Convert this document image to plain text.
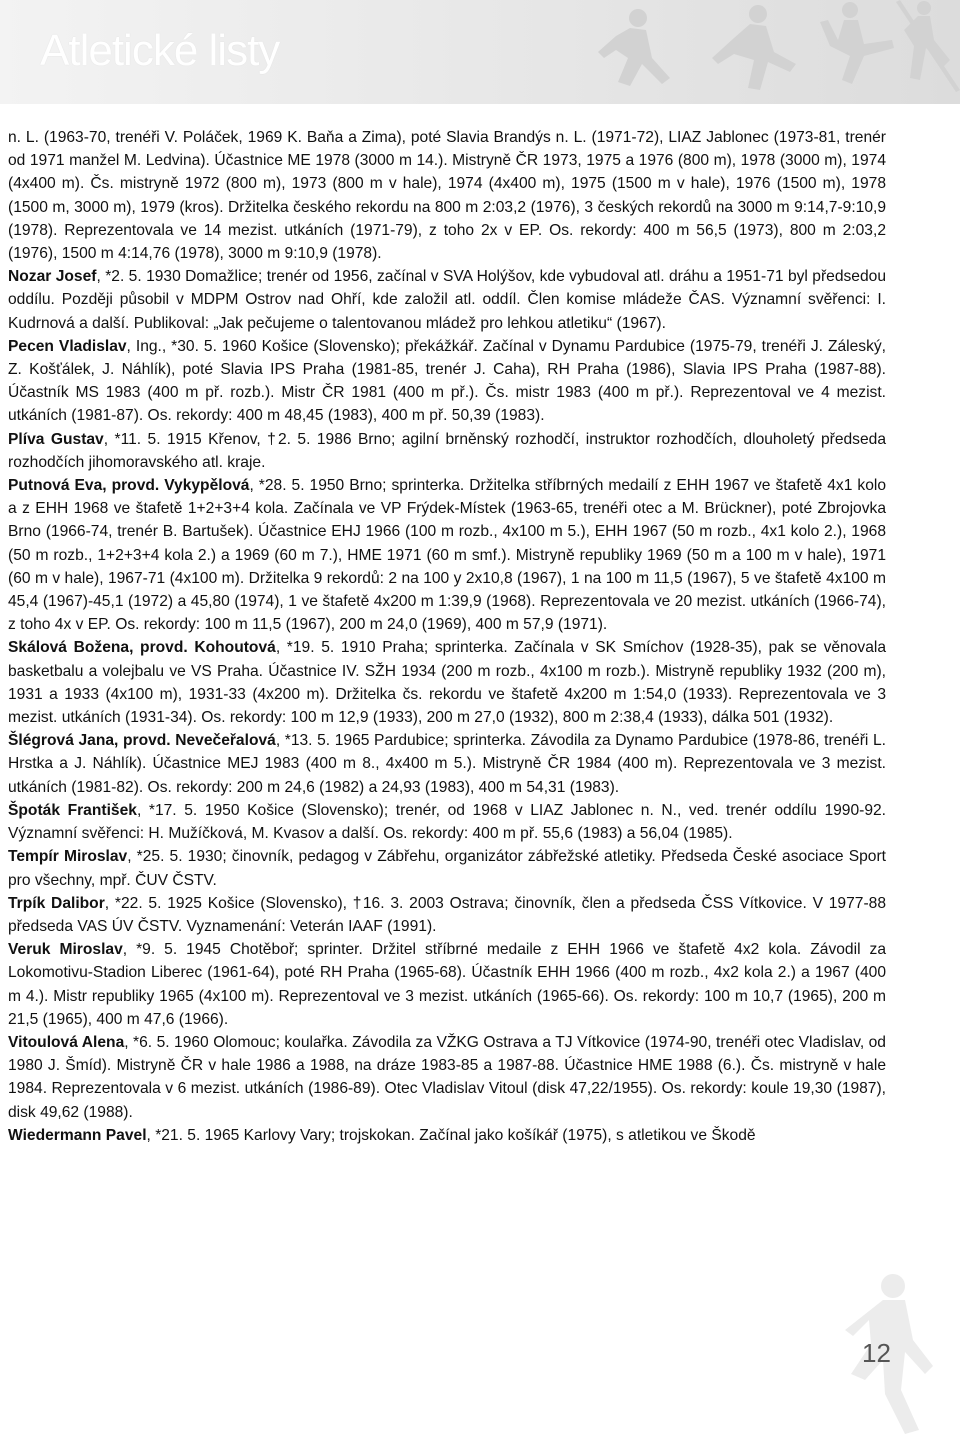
Atletické listy

n. L. (1963-70, trenéři V. Poláček, 1969 K. Baňa a Zima), poté Slavia Brandýs n. L. (1971-72), LIAZ Jablonec (1973-81, trenér od 1971 manžel M. Ledvina). Účastnice ME 1978 (3000 m 14.). Mistryně ČR 1973, 1975 a 1976 (800 m), 1978 (3000 m), 1974 (4x400 m). Čs. mistryně 1972 (800 m), 1973 (800 m v hale), 1974 (4x400 m), 1975 (1500 m v hale), 1976 (1500 m), 1978 (1500 m, 3000 m), 1979 (kros). Držitelka českého rekordu na 800 m 2:03,2 (1976), 3 českých rekordů na 3000 m 9:14,7-9:10,9 (1978). Reprezentovala ve 14 mezist. utkáních (1971-79), z toho 2x v EP. Os. rekordy: 400 m 56,5 (1973), 800 m 2:03,2 (1976), 1500 m 4:14,76 (1978), 3000 m 9:10,9 (1978).

Nozar Josef, *2. 5. 1930 Domažlice; trenér od 1956, začínal v SVA Holýšov, kde vybudoval atl. dráhu a 1951-71 byl předsedou oddílu. Později působil v MDPM Ostrov nad Ohří, kde založil atl. oddíl. Člen komise mládeže ČAS. Významní svěřenci: I. Kudrnová a další. Publikoval: „Jak pečujeme o talentovanou mládež pro lehkou atletiku“ (1967).

Pecen Vladislav, Ing., *30. 5. 1960 Košice (Slovensko); překážkář. Začínal v Dynamu Pardubice (1975-79, trenéři J. Záleský, Z. Košťálek, J. Náhlík), poté Slavia IPS Praha (1981-85, trenér J. Caha), RH Praha (1986), Slavia IPS Praha (1987-88). Účastník MS 1983 (400 m př. rozb.). Mistr ČR 1981 (400 m př.). Čs. mistr 1983 (400 m př.). Reprezentoval ve 4 mezist. utkáních (1981-87). Os. rekordy: 400 m 48,45 (1983), 400 m př. 50,39 (1983).

Plíva Gustav, *11. 5. 1915 Křenov, †2. 5. 1986 Brno; agilní brněnský rozhodčí, instruktor rozhodčích, dlouholetý předseda rozhodčích jihomoravského atl. kraje.

Putnová Eva, provd. Vykypělová, *28. 5. 1950 Brno; sprinterka. Držitelka stříbrných medailí z EHH 1967 ve štafetě 4x1 kolo a z EHH 1968 ve štafetě 1+2+3+4 kola. Začínala ve VP Frýdek-Místek (1963-65, trenéři otec a M. Brückner), poté Zbrojovka Brno (1966-74, trenér B. Bartušek). Účastnice EHJ 1966 (100 m rozb., 4x100 m 5.), EHH 1967 (50 m rozb., 4x1 kolo 2.), 1968 (50 m rozb., 1+2+3+4 kola 2.) a 1969 (60 m 7.), HME 1971 (60 m smf.). Mistryně republiky 1969 (50 m a 100 m v hale), 1971 (60 m v hale), 1967-71 (4x100 m). Držitelka 9 rekordů: 2 na 100 y 2x10,8 (1967), 1 na 100 m 11,5 (1967), 5 ve štafetě 4x100 m 45,4 (1967)-45,1 (1972) a 45,80 (1974), 1 ve štafetě 4x200 m 1:39,9 (1968). Reprezentovala ve 20 mezist. utkáních (1966-74), z toho 4x v EP. Os. rekordy: 100 m 11,5 (1967), 200 m 24,0 (1969), 400 m 57,9 (1971).

Skálová Božena, provd. Kohoutová, *19. 5. 1910 Praha; sprinterka. Začínala v SK Smíchov (1928-35), pak se věnovala basketbalu a volejbalu ve VS Praha. Účastnice IV. SŽH 1934 (200 m rozb., 4x100 m rozb.). Mistryně republiky 1932 (200 m), 1931 a 1933 (4x100 m), 1931-33 (4x200 m). Držitelka čs. rekordu ve štafetě 4x200 m 1:54,0 (1933). Reprezentovala ve 3 mezist. utkáních (1931-34). Os. rekordy: 100 m 12,9 (1933), 200 m 27,0 (1932), 800 m 2:38,4 (1933), dálka 501 (1932).

Šlégrová Jana, provd. Nevečeřalová, *13. 5. 1965 Pardubice; sprinterka. Závodila za Dynamo Pardubice (1978-86, trenéři L. Hrstka a J. Náhlík). Účastnice MEJ 1983 (400 m 8., 4x400 m 5.). Mistryně ČR 1984 (400 m). Reprezentovala ve 3 mezist. utkáních (1981-82). Os. rekordy: 200 m 24,6 (1982) a 24,93 (1983), 400 m 54,31 (1983).

Špoták František, *17. 5. 1950 Košice (Slovensko); trenér, od 1968 v LIAZ Jablonec n. N., ved. trenér oddílu 1990-92. Významní svěřenci: H. Mužíčková, M. Kvasov a další. Os. rekordy: 400 m př. 55,6 (1983) a 56,04 (1985).

Tempír Miroslav, *25. 5. 1930; činovník, pedagog v Zábřehu, organizátor zábřežské atletiky. Předseda České asociace Sport pro všechny, mpř. ČUV ČSTV.

Trpík Dalibor, *22. 5. 1925 Košice (Slovensko), †16. 3. 2003 Ostrava; činovník, člen a předseda ČSS Vítkovice. V 1977-88 předseda VAS ÚV ČSTV. Vyznamenání: Veterán IAAF (1991).

Veruk Miroslav, *9. 5. 1945 Chotěboř; sprinter. Držitel stříbrné medaile z EHH 1966 ve štafetě 4x2 kola. Závodil za Lokomotivu-Stadion Liberec (1961-64), poté RH Praha (1965-68). Účastník EHH 1966 (400 m rozb., 4x2 kola 2.) a 1967 (400 m 4.). Mistr republiky 1965 (4x100 m). Reprezentoval ve 3 mezist. utkáních (1965-66). Os. rekordy: 100 m 10,7 (1965), 200 m 21,5 (1965), 400 m 47,6 (1966).

Vitoulová Alena, *6. 5. 1960 Olomouc; koulařka. Závodila za VŽKG Ostrava a TJ Vítkovice (1974-90, trenéři otec Vladislav, od 1980 J. Šmíd). Mistryně ČR v hale 1986 a 1988, na dráze 1983-85 a 1987-88. Účastnice HME 1988 (6.). Čs. mistryně v hale 1984. Reprezentovala v 6 mezist. utkáních (1986-89). Otec Vladislav Vitoul (disk 47,22/1955). Os. rekordy: koule 19,30 (1987), disk 49,62 (1988).

Wiedermann Pavel, *21. 5. 1965 Karlovy Vary; trojskokan. Začínal jako košíkář (1975), s atletikou ve Škodě

12
